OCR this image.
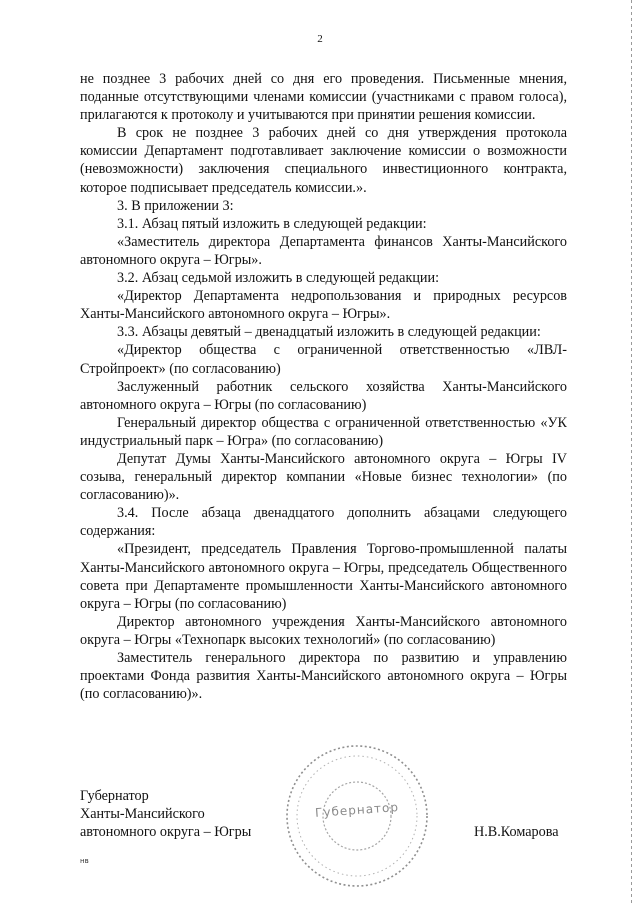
2

не позднее 3 рабочих дней со дня его проведения. Письменные мнения, поданные отсутствующими членами комиссии (участниками с правом голоса), прилагаются к протоколу и учитываются при принятии решения комиссии.

В срок не позднее 3 рабочих дней со дня утверждения протокола комиссии Департамент подготавливает заключение комиссии о возможности (невозможности) заключения специального инвестиционного контракта, которое подписывает председатель комиссии.».

3. В приложении 3:

3.1. Абзац пятый изложить в следующей редакции:

«Заместитель директора Департамента финансов Ханты-Мансийского автономного округа – Югры».

3.2. Абзац седьмой изложить в следующей редакции:

«Директор Департамента недропользования и природных ресурсов Ханты-Мансийского автономного округа – Югры».

3.3. Абзацы девятый – двенадцатый изложить в следующей редакции:

«Директор общества с ограниченной ответственностью «ЛВЛ-Стройпроект» (по согласованию)

Заслуженный работник сельского хозяйства Ханты-Мансийского автономного округа – Югры (по согласованию)

Генеральный директор общества с ограниченной ответственностью «УК индустриальный парк – Югра» (по согласованию)

Депутат Думы Ханты-Мансийского автономного округа – Югры IV созыва, генеральный директор компании «Новые бизнес технологии» (по согласованию)».

3.4. После абзаца двенадцатого дополнить абзацами следующего содержания:

«Президент, председатель Правления Торгово-промышленной палаты Ханты-Мансийского автономного округа – Югры, председатель Общественного совета при Департаменте промышленности Ханты-Мансийского автономного округа – Югры (по согласованию)

Директор автономного учреждения Ханты-Мансийского автономного округа – Югры «Технопарк высоких технологий» (по согласованию)

Заместитель генерального директора по развитию и управлению проектами Фонда развития Ханты-Мансийского автономного округа – Югры (по согласованию)».

Губернатор
Губернатор
Ханты-Мансийского
автономного округа – Югры	Н.В.Комарова
нв
